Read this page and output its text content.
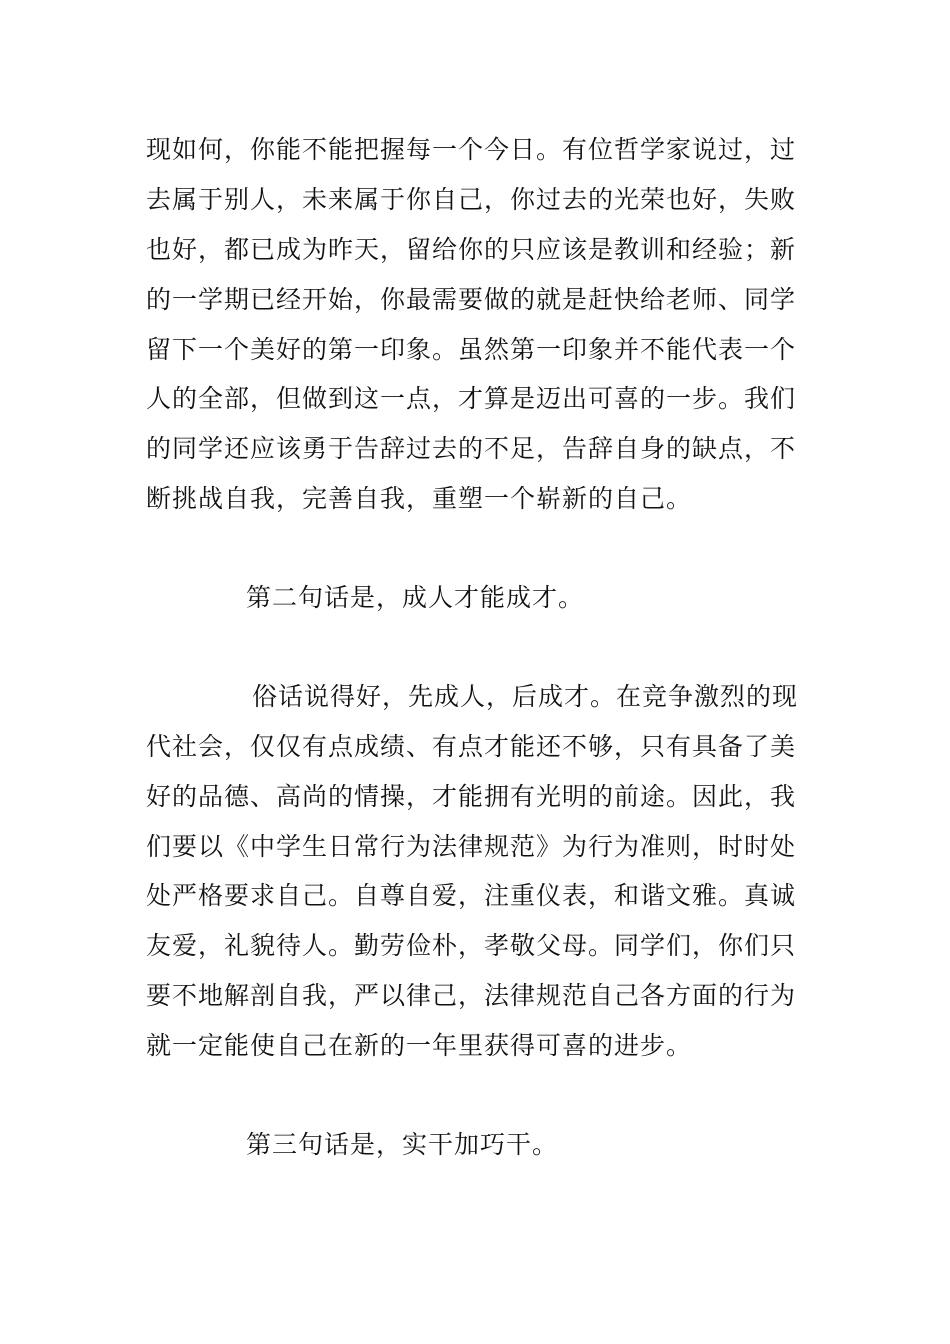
现如何，你能不能把握每一个今日。有位哲学家说过，过
去属于别人，未来属于你自己，你过去的光荣也好，失败
也好，都已成为昨天，留给你的只应该是教训和经验；新
的一学期已经开始，你最需要做的就是赶快给老师、同学
留下一个美好的第一印象。虽然第一印象并不能代表一个
人的全部，但做到这一点，才算是迈出可喜的一步。我们
的同学还应该勇于告辞过去的不足，告辞自身的缺点，不
断挑战自我，完善自我，重塑一个崭新的自己。
第二句话是，成人才能成才。
俗话说得好，先成人，后成才。在竞争激烈的现
代社会，仅仅有点成绩、有点才能还不够，只有具备了美
好的品德、高尚的情操，才能拥有光明的前途。因此，我
们要以《中学生日常行为法律规范》为行为准则，时时处
处严格要求自己。自尊自爱，注重仪表，和谐文雅。真诚
友爱，礼貌待人。勤劳俭朴，孝敬父母。同学们，你们只
要不地解剖自我，严以律己，法律规范自己各方面的行为
就一定能使自己在新的一年里获得可喜的进步。
第三句话是，实干加巧干。
